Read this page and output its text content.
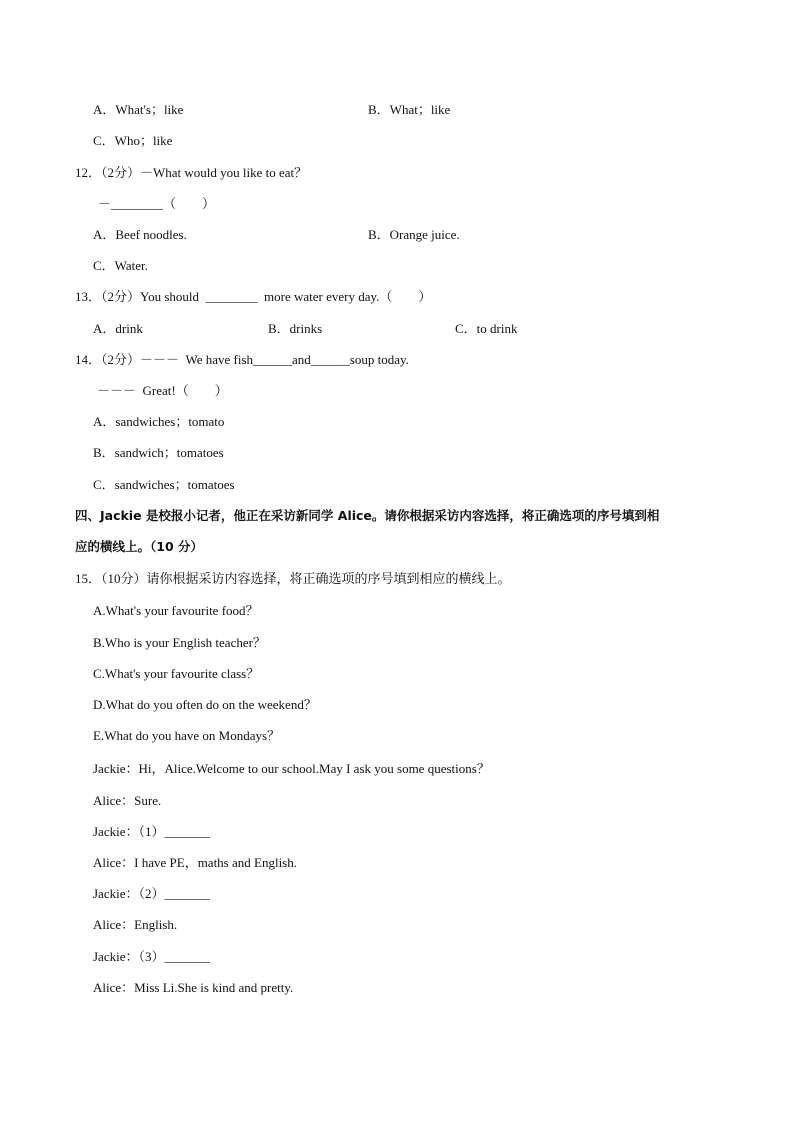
A．What's；like	B．What；like
C．Who；like
12．（2分）－What would you like to eat？
－________（　　）
A．Beef noodles.	B．Orange juice.
C．Water.
13．（2分）You should  ________  more water every day.（　　）
A．drink	B．drinks	C．to drink
14．（2分）－－－  We have fish______and______soup today.
－－－  Great!（　　）
A．sandwiches；tomato
B．sandwich；tomatoes
C．sandwiches；tomatoes
四、Jackie 是校报小记者，他正在采访新同学 Alice。请你根据采访内容选择，将正确选项的序号填到相
应的横线上。（10 分）
15．（10分）请你根据采访内容选择，将正确选项的序号填到相应的横线上。
A.What's your favourite food？
B.Who is your English teacher？
C.What's your favourite class？
D.What do you often do on the weekend？
E.What do you have on Mondays？
Jackie：Hi，Alice.Welcome to our school.May I ask you some questions？
Alice：Sure.
Jackie：（1）_______
Alice：I have PE，maths and English.
Jackie：（2）_______
Alice：English.
Jackie：（3）_______
Alice：Miss Li.She is kind and pretty.
